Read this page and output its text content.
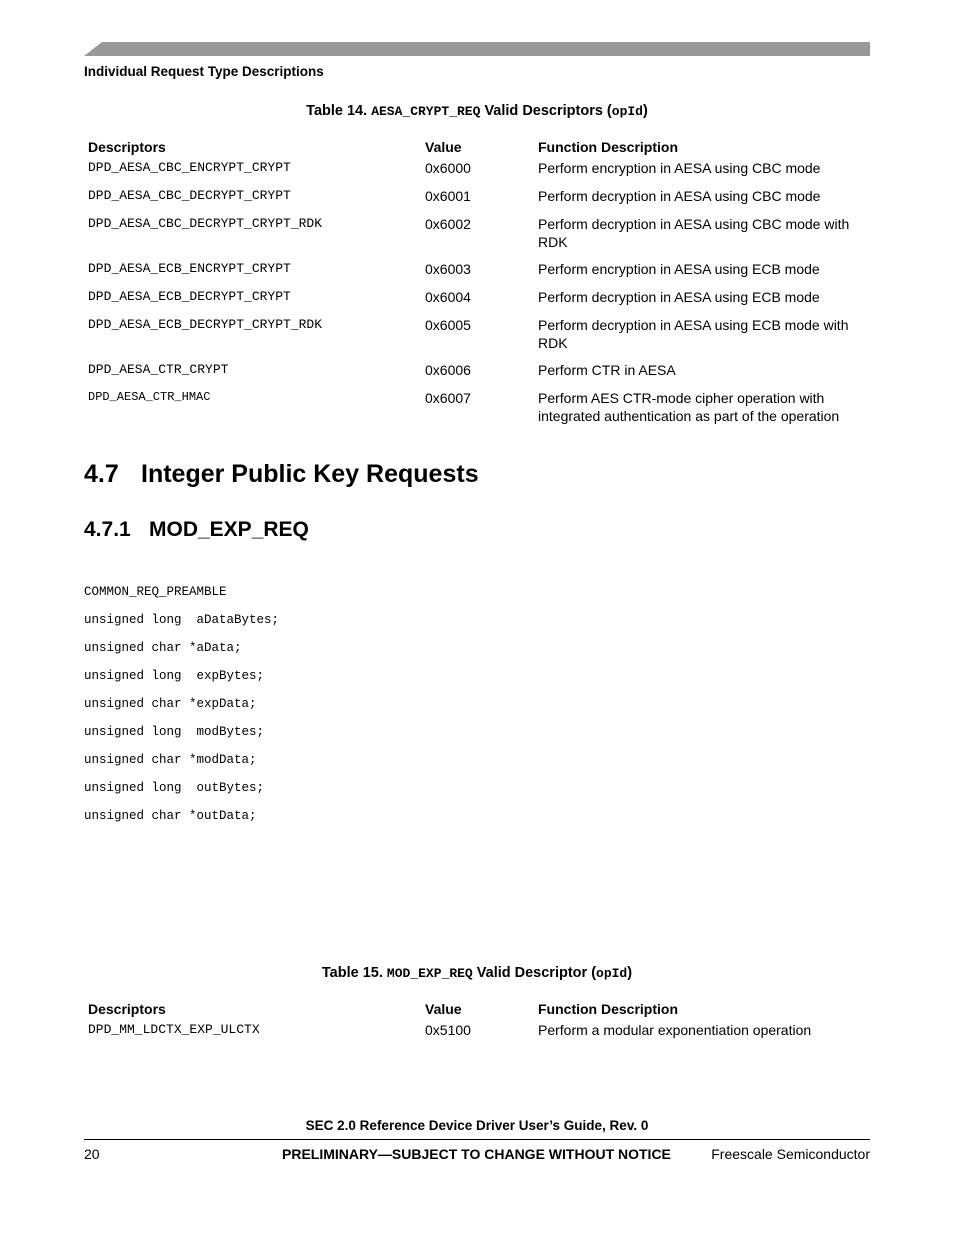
Individual Request Type Descriptions
Table 14. AESA_CRYPT_REQ Valid Descriptors (opId)
Descriptors	Value	Function Description
DPD_AESA_CBC_ENCRYPT_CRYPT	0x6000	Perform encryption in AESA using CBC mode
DPD_AESA_CBC_DECRYPT_CRYPT	0x6001	Perform decryption in AESA using CBC mode
DPD_AESA_CBC_DECRYPT_CRYPT_RDK	0x6002	Perform decryption in AESA using CBC mode with RDK
DPD_AESA_ECB_ENCRYPT_CRYPT	0x6003	Perform encryption in AESA using ECB mode
DPD_AESA_ECB_DECRYPT_CRYPT	0x6004	Perform decryption in AESA using ECB mode
DPD_AESA_ECB_DECRYPT_CRYPT_RDK	0x6005	Perform decryption in AESA using ECB mode with RDK
DPD_AESA_CTR_CRYPT	0x6006	Perform CTR in AESA
DPD_AESA_CTR_HMAC	0x6007	Perform AES CTR-mode cipher operation with integrated authentication as part of the operation
4.7 Integer Public Key Requests
4.7.1 MOD_EXP_REQ
COMMON_REQ_PREAMBLE
unsigned long  aDataBytes;
unsigned char *aData;
unsigned long  expBytes;
unsigned char *expData;
unsigned long  modBytes;
unsigned char *modData;
unsigned long  outBytes;
unsigned char *outData;
Table 15. MOD_EXP_REQ Valid Descriptor (opId)
Descriptors	Value	Function Description
DPD_MM_LDCTX_EXP_ULCTX	0x5100	Perform a modular exponentiation operation
SEC 2.0 Reference Device Driver User’s Guide, Rev. 0
20	PRELIMINARY—SUBJECT TO CHANGE WITHOUT NOTICE	Freescale Semiconductor
